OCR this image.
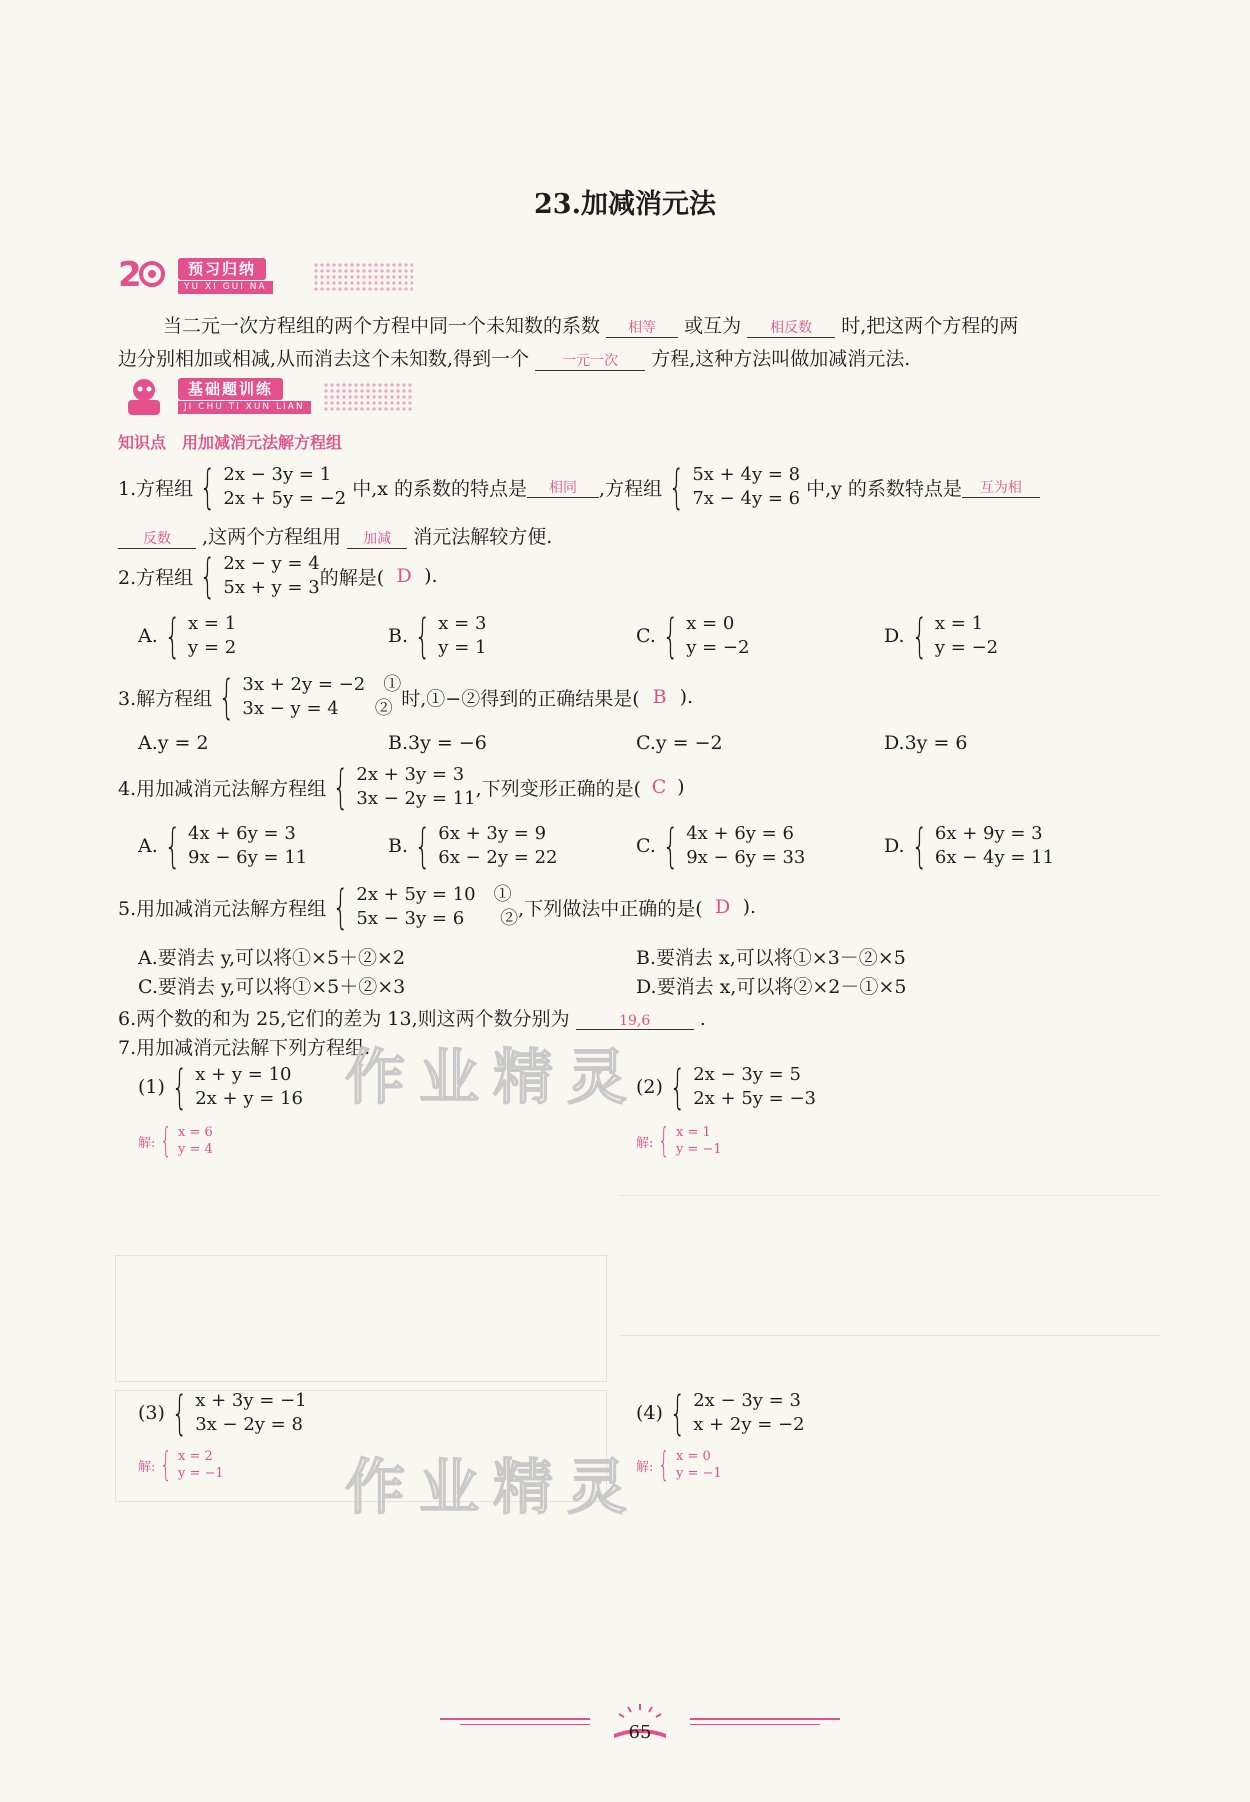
23.加减消元法
2	预习归纳
YU XI GUI NA
当二元一次方程组的两个方程中同一个未知数的系数 相等 或互为 相反数 时,把这两个方程的两
边分别相加或相减,从而消去这个未知数,得到一个 一元一次 方程,这种方法叫做加减消元法.
基础题训练
JI CHU TI XUN LIAN
知识点　用加减消元法解方程组
1.方程组 { 2x − 3y = 1
2x + 5y = −2 中,x 的系数的特点是	相同	,方程组 { 5x + 4y = 8
7x − 4y = 6 中,y 的系数特点是	互为相
反数 ,这两个方程组用 加减 消元法解较方便.
2.方程组 { 2x − y = 4
5x + y = 3 的解是( D ).
A. { x = 1
y = 2
B. { x = 3
y = 1
C. { x = 0
y = −2
D. { x = 1
y = −2
3.解方程组 { 3x + 2y = −2　①
3x − y = 4　　② 时,①−②得到的正确结果是( B ).
A.y = 2	B.3y = −6	C.y = −2	D.3y = 6
4.用加减消元法解方程组 { 2x + 3y = 3
3x − 2y = 11 ,下列变形正确的是( C )
A. { 4x + 6y = 3
9x − 6y = 11
B. { 6x + 3y = 9
6x − 2y = 22
C. { 4x + 6y = 6
9x − 6y = 33
D. { 6x + 9y = 3
6x − 4y = 11
5.用加减消元法解方程组 { 2x + 5y = 10　①
5x − 3y = 6　　② ,下列做法中正确的是( D ).
A.要消去 y,可以将①×5＋②×2	B.要消去 x,可以将①×3－②×5
C.要消去 y,可以将①×5＋②×3	D.要消去 x,可以将②×2－①×5
6.两个数的和为 25,它们的差为 13,则这两个数分别为	19,6	.
7.用加减消元法解下列方程组.
作业精灵
作业精灵
(1) { x + y = 10
2x + y = 16
解: { x = 6
y = 4
(2) { 2x − 3y = 5
2x + 5y = −3
解: { x = 1
y = −1
(3) { x + 3y = −1
3x − 2y = 8
解: { x = 2
y = −1
(4) { 2x − 3y = 3
x + 2y = −2
解: { x = 0
y = −1
65
